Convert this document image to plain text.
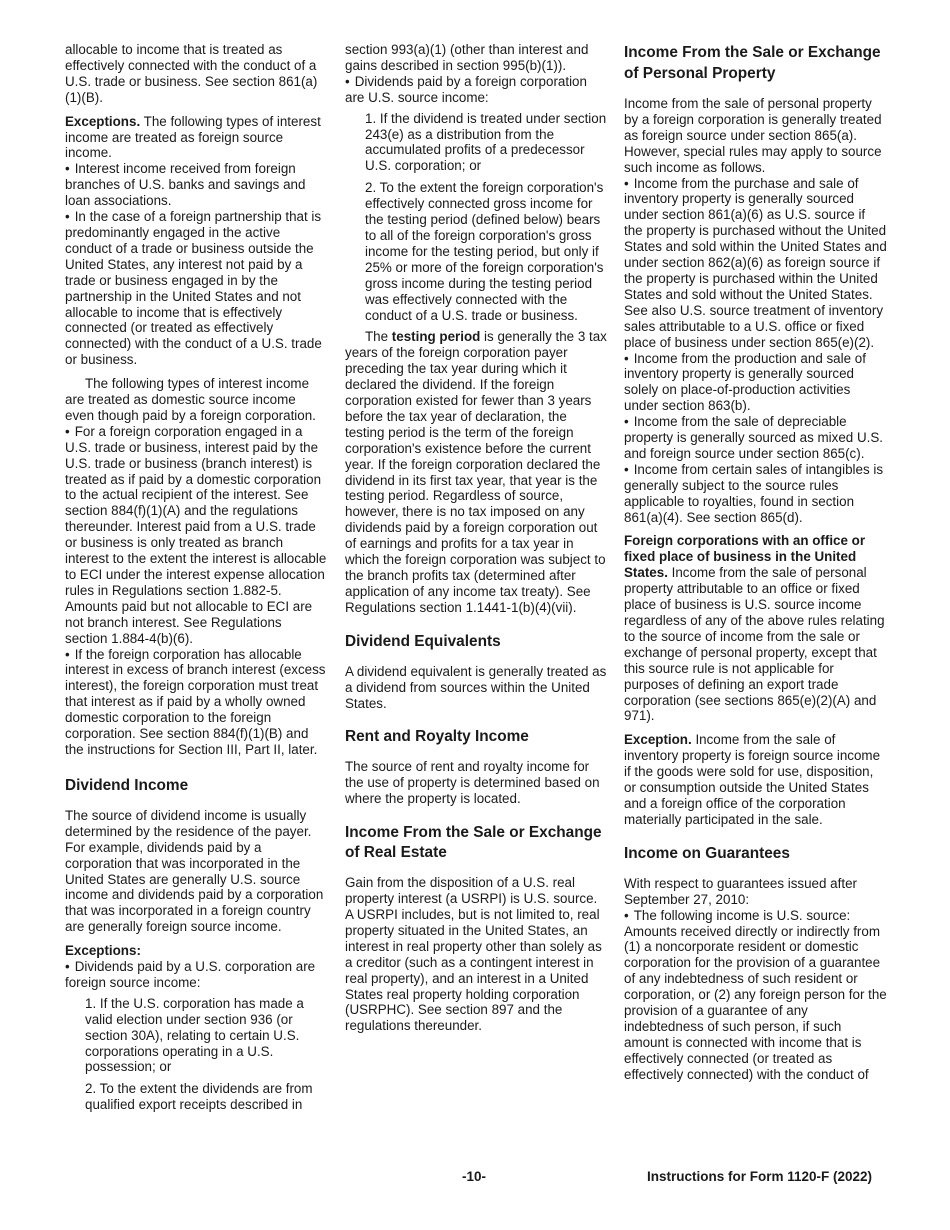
allocable to income that is treated as effectively connected with the conduct of a U.S. trade or business. See section 861(a)(1)(B).

Exceptions. The following types of interest income are treated as foreign source income.

• Interest income received from foreign branches of U.S. banks and savings and loan associations.

• In the case of a foreign partnership that is predominantly engaged in the active conduct of a trade or business outside the United States, any interest not paid by a trade or business engaged in by the partnership in the United States and not allocable to income that is effectively connected (or treated as effectively connected) with the conduct of a U.S. trade or business.

The following types of interest income are treated as domestic source income even though paid by a foreign corporation.

• For a foreign corporation engaged in a U.S. trade or business, interest paid by the U.S. trade or business (branch interest) is treated as if paid by a domestic corporation to the actual recipient of the interest. See section 884(f)(1)(A) and the regulations thereunder. Interest paid from a U.S. trade or business is only treated as branch interest to the extent the interest is allocable to ECI under the interest expense allocation rules in Regulations section 1.882-5. Amounts paid but not allocable to ECI are not branch interest. See Regulations section 1.884-4(b)(6).

• If the foreign corporation has allocable interest in excess of branch interest (excess interest), the foreign corporation must treat that interest as if paid by a wholly owned domestic corporation to the foreign corporation. See section 884(f)(1)(B) and the instructions for Section III, Part II, later.

Dividend Income

The source of dividend income is usually determined by the residence of the payer. For example, dividends paid by a corporation that was incorporated in the United States are generally U.S. source income and dividends paid by a corporation that was incorporated in a foreign country are generally foreign source income.

Exceptions:

• Dividends paid by a U.S. corporation are foreign source income:

1. If the U.S. corporation has made a valid election under section 936 (or section 30A), relating to certain U.S. corporations operating in a U.S. possession; or

2. To the extent the dividends are from qualified export receipts described in

section 993(a)(1) (other than interest and gains described in section 995(b)(1)).

• Dividends paid by a foreign corporation are U.S. source income:

1. If the dividend is treated under section 243(e) as a distribution from the accumulated profits of a predecessor U.S. corporation; or

2. To the extent the foreign corporation's effectively connected gross income for the testing period (defined below) bears to all of the foreign corporation's gross income for the testing period, but only if 25% or more of the foreign corporation's gross income during the testing period was effectively connected with the conduct of a U.S. trade or business.

The testing period is generally the 3 tax years of the foreign corporation payer preceding the tax year during which it declared the dividend. If the foreign corporation existed for fewer than 3 years before the tax year of declaration, the testing period is the term of the foreign corporation's existence before the current year. If the foreign corporation declared the dividend in its first tax year, that year is the testing period. Regardless of source, however, there is no tax imposed on any dividends paid by a foreign corporation out of earnings and profits for a tax year in which the foreign corporation was subject to the branch profits tax (determined after application of any income tax treaty). See Regulations section 1.1441-1(b)(4)(vii).

Dividend Equivalents

A dividend equivalent is generally treated as a dividend from sources within the United States.

Rent and Royalty Income

The source of rent and royalty income for the use of property is determined based on where the property is located.

Income From the Sale or Exchange of Real Estate

Gain from the disposition of a U.S. real property interest (a USRPI) is U.S. source. A USRPI includes, but is not limited to, real property situated in the United States, an interest in real property other than solely as a creditor (such as a contingent interest in real property), and an interest in a United States real property holding corporation (USRPHC). See section 897 and the regulations thereunder.

Income From the Sale or Exchange of Personal Property

Income from the sale of personal property by a foreign corporation is generally treated as foreign source under section 865(a). However, special rules may apply to source such income as follows.

• Income from the purchase and sale of inventory property is generally sourced under section 861(a)(6) as U.S. source if the property is purchased without the United States and sold within the United States and under section 862(a)(6) as foreign source if the property is purchased within the United States and sold without the United States. See also U.S. source treatment of inventory sales attributable to a U.S. office or fixed place of business under section 865(e)(2).

• Income from the production and sale of inventory property is generally sourced solely on place-of-production activities under section 863(b).

• Income from the sale of depreciable property is generally sourced as mixed U.S. and foreign source under section 865(c).

• Income from certain sales of intangibles is generally subject to the source rules applicable to royalties, found in section 861(a)(4). See section 865(d).

Foreign corporations with an office or fixed place of business in the United States. Income from the sale of personal property attributable to an office or fixed place of business is U.S. source income regardless of any of the above rules relating to the source of income from the sale or exchange of personal property, except that this source rule is not applicable for purposes of defining an export trade corporation (see sections 865(e)(2)(A) and 971).

Exception. Income from the sale of inventory property is foreign source income if the goods were sold for use, disposition, or consumption outside the United States and a foreign office of the corporation materially participated in the sale.

Income on Guarantees

With respect to guarantees issued after September 27, 2010:

• The following income is U.S. source: Amounts received directly or indirectly from (1) a noncorporate resident or domestic corporation for the provision of a guarantee of any indebtedness of such resident or corporation, or (2) any foreign person for the provision of a guarantee of any indebtedness of such person, if such amount is connected with income that is effectively connected (or treated as effectively connected) with the conduct of

-10-	Instructions for Form 1120-F (2022)
